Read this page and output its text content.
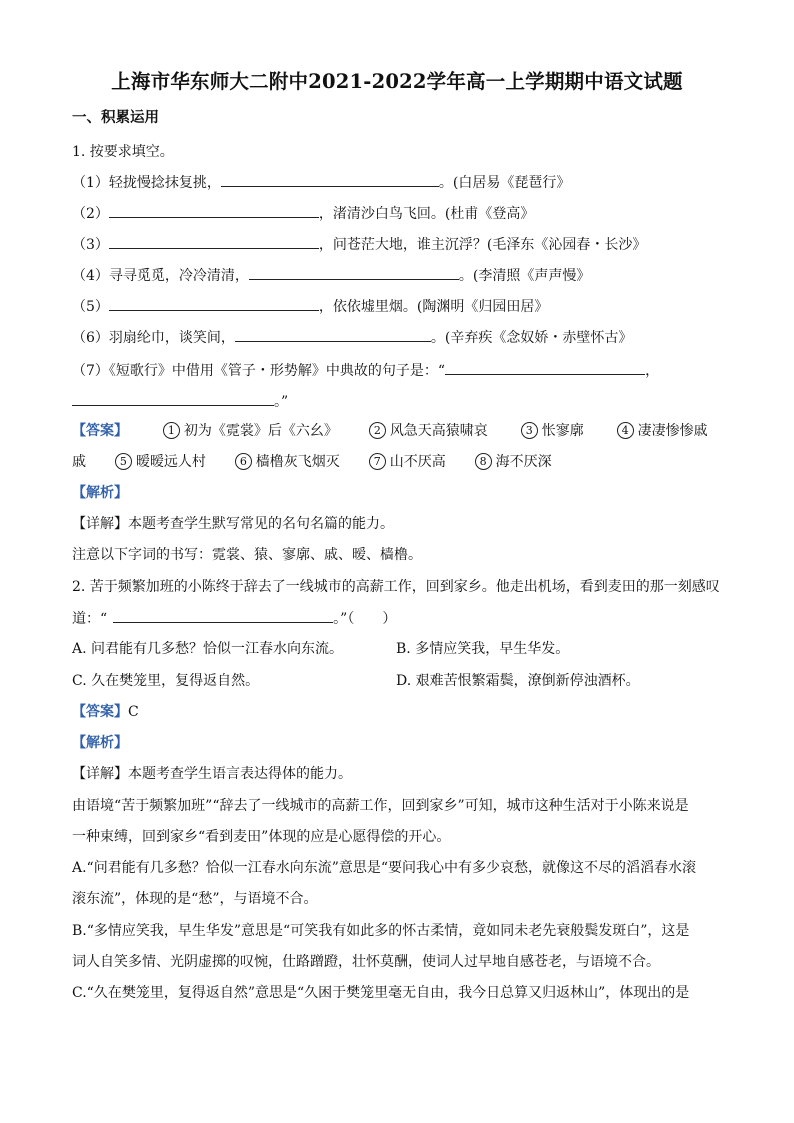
上海市华东师大二附中2021-2022学年高一上学期期中语文试题
一、积累运用
1. 按要求填空。
（1）轻拢慢捻抹复挑，	。(白居易《琵琶行》
（2）	，渚清沙白鸟飞回。(杜甫《登高》
（3）	，问苍茫大地，谁主沉浮？(毛泽东《沁园春・长沙》
（4）寻寻觅觅，冷冷清清，	。(李清照《声声慢》
（5）	，依依墟里烟。(陶渊明《归园田居》
（6）羽扇纶巾，谈笑间，	。(辛弃疾《念奴娇・赤壁怀古》
（7）《短歌行》中借用《管子・形势解》中典故的句子是：“	，
。”
【答案】	1 初为《霓裳》后《六幺》	2 风急天高猿啸哀	3 怅寥廓	4 凄凄惨惨戚
戚	5 暧暧远人村	6 樯橹灰飞烟灭	7 山不厌高	8 海不厌深
【解析】
【详解】本题考查学生默写常见的名句名篇的能力。
注意以下字词的书写：霓裳、猿、寥廓、戚、暧、樯橹。
2. 苦于频繁加班的小陈终于辞去了一线城市的高薪工作，回到家乡。他走出机场，看到麦田的那一刻感叹
道：“	。”（　　）
A. 问君能有几多愁？恰似一江春水向东流。	B. 多情应笑我，早生华发。
C. 久在樊笼里，复得返自然。	D. 艰难苦恨繁霜鬓，潦倒新停浊酒杯。
【答案】C
【解析】
【详解】本题考查学生语言表达得体的能力。
由语境“苦于频繁加班”“辞去了一线城市的高薪工作，回到家乡”可知，城市这种生活对于小陈来说是
一种束缚，回到家乡“看到麦田”体现的应是心愿得偿的开心。
A.“问君能有几多愁？恰似一江春水向东流”意思是“要问我心中有多少哀愁，就像这不尽的滔滔春水滚
滚东流”，体现的是“愁”，与语境不合。
B.“多情应笑我，早生华发”意思是“可笑我有如此多的怀古柔情，竟如同未老先衰般鬓发斑白”，这是
词人自笑多情、光阴虚掷的叹惋，仕路蹭蹬，壮怀莫酬，使词人过早地自感苍老，与语境不合。
C.“久在樊笼里，复得返自然”意思是“久困于樊笼里毫无自由，我今日总算又归返林山”，体现出的是
